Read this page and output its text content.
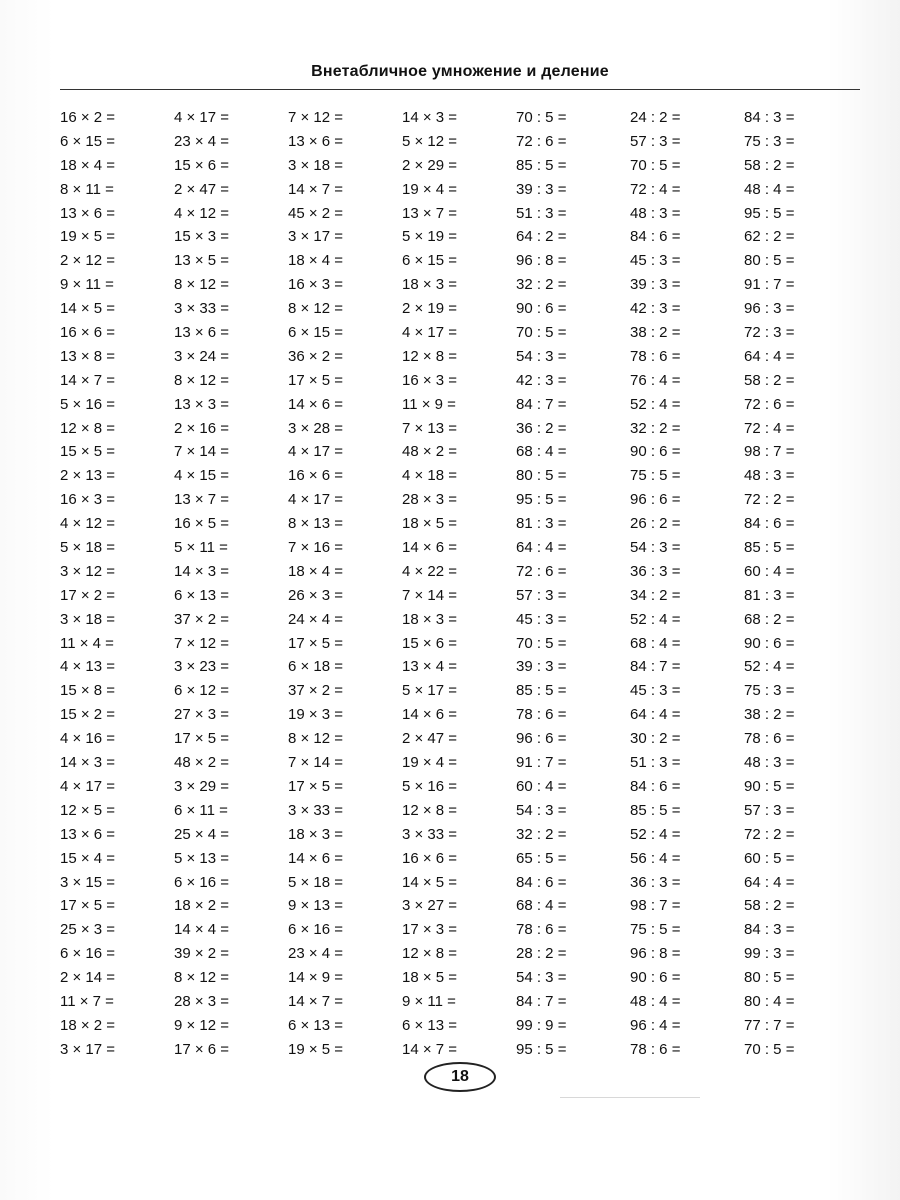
Внетабличное умножение и деление
16 × 2 =
6 × 15 =
18 × 4 =
8 × 11 =
13 × 6 =
19 × 5 =
2 × 12 =
9 × 11 =
14 × 5 =
16 × 6 =
13 × 8 =
14 × 7 =
5 × 16 =
12 × 8 =
15 × 5 =
2 × 13 =
16 × 3 =
4 × 12 =
5 × 18 =
3 × 12 =
17 × 2 =
3 × 18 =
11 × 4 =
4 × 13 =
15 × 8 =
15 × 2 =
4 × 16 =
14 × 3 =
4 × 17 =
12 × 5 =
13 × 6 =
15 × 4 =
3 × 15 =
17 × 5 =
25 × 3 =
6 × 16 =
2 × 14 =
11 × 7 =
18 × 2 =
3 × 17 =
4 × 17 =
23 × 4 =
15 × 6 =
2 × 47 =
4 × 12 =
15 × 3 =
13 × 5 =
8 × 12 =
3 × 33 =
13 × 6 =
3 × 24 =
8 × 12 =
13 × 3 =
2 × 16 =
7 × 14 =
4 × 15 =
13 × 7 =
16 × 5 =
5 × 11 =
14 × 3 =
6 × 13 =
37 × 2 =
7 × 12 =
3 × 23 =
6 × 12 =
27 × 3 =
17 × 5 =
48 × 2 =
3 × 29 =
6 × 11 =
25 × 4 =
5 × 13 =
6 × 16 =
18 × 2 =
14 × 4 =
39 × 2 =
8 × 12 =
28 × 3 =
9 × 12 =
17 × 6 =
7 × 12 =
13 × 6 =
3 × 18 =
14 × 7 =
45 × 2 =
3 × 17 =
18 × 4 =
16 × 3 =
8 × 12 =
6 × 15 =
36 × 2 =
17 × 5 =
14 × 6 =
3 × 28 =
4 × 17 =
16 × 6 =
4 × 17 =
8 × 13 =
7 × 16 =
18 × 4 =
26 × 3 =
24 × 4 =
17 × 5 =
6 × 18 =
37 × 2 =
19 × 3 =
8 × 12 =
7 × 14 =
17 × 5 =
3 × 33 =
18 × 3 =
14 × 6 =
5 × 18 =
9 × 13 =
6 × 16 =
23 × 4 =
14 × 9 =
14 × 7 =
6 × 13 =
19 × 5 =
14 × 3 =
5 × 12 =
2 × 29 =
19 × 4 =
13 × 7 =
5 × 19 =
6 × 15 =
18 × 3 =
2 × 19 =
4 × 17 =
12 × 8 =
16 × 3 =
11 × 9 =
7 × 13 =
48 × 2 =
4 × 18 =
28 × 3 =
18 × 5 =
14 × 6 =
4 × 22 =
7 × 14 =
18 × 3 =
15 × 6 =
13 × 4 =
5 × 17 =
14 × 6 =
2 × 47 =
19 × 4 =
5 × 16 =
12 × 8 =
3 × 33 =
16 × 6 =
14 × 5 =
3 × 27 =
17 × 3 =
12 × 8 =
18 × 5 =
9 × 11 =
6 × 13 =
14 × 7 =
70 : 5 =
72 : 6 =
85 : 5 =
39 : 3 =
51 : 3 =
64 : 2 =
96 : 8 =
32 : 2 =
90 : 6 =
70 : 5 =
54 : 3 =
42 : 3 =
84 : 7 =
36 : 2 =
68 : 4 =
80 : 5 =
95 : 5 =
81 : 3 =
64 : 4 =
72 : 6 =
57 : 3 =
45 : 3 =
70 : 5 =
39 : 3 =
85 : 5 =
78 : 6 =
96 : 6 =
91 : 7 =
60 : 4 =
54 : 3 =
32 : 2 =
65 : 5 =
84 : 6 =
68 : 4 =
78 : 6 =
28 : 2 =
54 : 3 =
84 : 7 =
99 : 9 =
95 : 5 =
24 : 2 =
57 : 3 =
70 : 5 =
72 : 4 =
48 : 3 =
84 : 6 =
45 : 3 =
39 : 3 =
42 : 3 =
38 : 2 =
78 : 6 =
76 : 4 =
52 : 4 =
32 : 2 =
90 : 6 =
75 : 5 =
96 : 6 =
26 : 2 =
54 : 3 =
36 : 3 =
34 : 2 =
52 : 4 =
68 : 4 =
84 : 7 =
45 : 3 =
64 : 4 =
30 : 2 =
51 : 3 =
84 : 6 =
85 : 5 =
52 : 4 =
56 : 4 =
36 : 3 =
98 : 7 =
75 : 5 =
96 : 8 =
90 : 6 =
48 : 4 =
96 : 4 =
78 : 6 =
84 : 3 =
75 : 3 =
58 : 2 =
48 : 4 =
95 : 5 =
62 : 2 =
80 : 5 =
91 : 7 =
96 : 3 =
72 : 3 =
64 : 4 =
58 : 2 =
72 : 6 =
72 : 4 =
98 : 7 =
48 : 3 =
72 : 2 =
84 : 6 =
85 : 5 =
60 : 4 =
81 : 3 =
68 : 2 =
90 : 6 =
52 : 4 =
75 : 3 =
38 : 2 =
78 : 6 =
48 : 3 =
90 : 5 =
57 : 3 =
72 : 2 =
60 : 5 =
64 : 4 =
58 : 2 =
84 : 3 =
99 : 3 =
80 : 5 =
80 : 4 =
77 : 7 =
70 : 5 =
18
